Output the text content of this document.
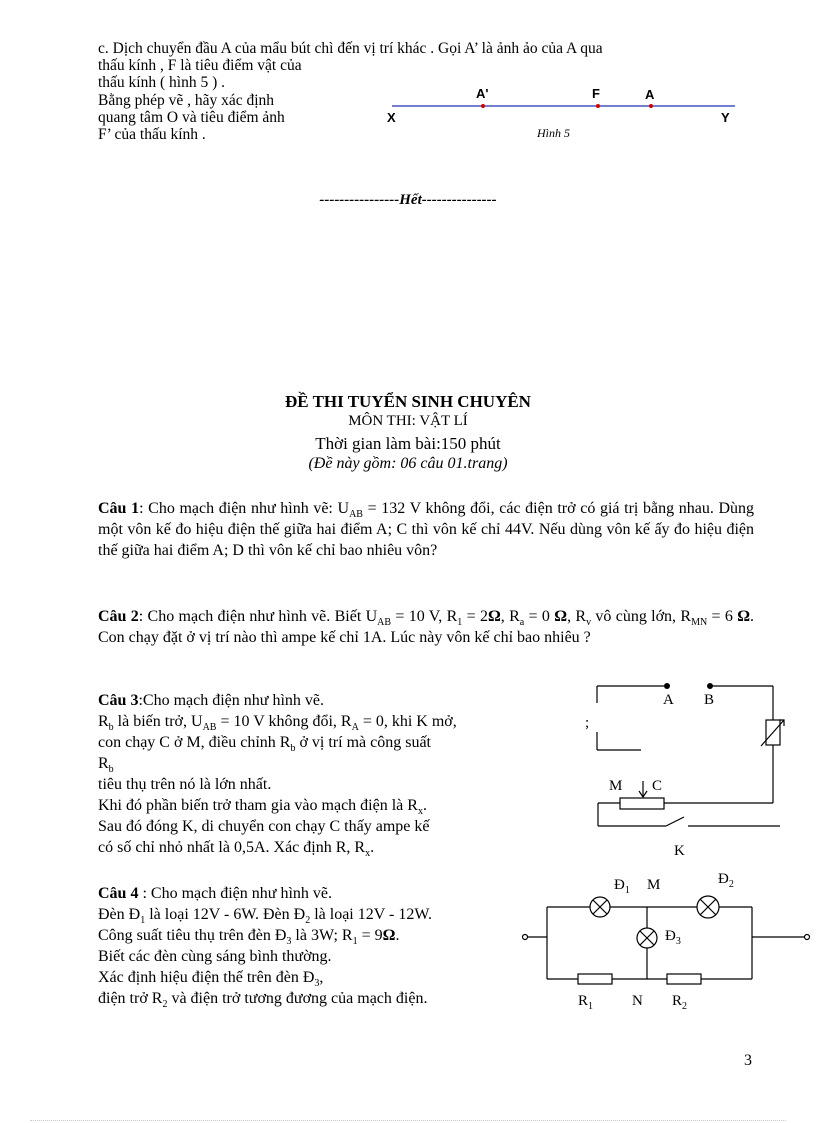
c. Dịch chuyển đầu A của mẩu bút chì đến vị trí khác . Gọi A’ là ảnh ảo của A qua
thấu kính , F là tiêu điểm vật của
thấu kính ( hình 5 ) .
Bằng phép vẽ , hãy xác định
quang tâm O và tiêu điểm ảnh
F’ của thấu kính .
X	Y
A'	F	A
Hình 5
----------------Hết---------------
ĐỀ THI TUYỂN SINH CHUYÊN
MÔN THI: VẬT LÍ
Thời gian làm bài:150 phút
(Đề này gồm: 06 câu 01.trang)
Câu 1: Cho mạch điện như hình vẽ: $U_{AB} = 132$ V không đổi, các điện trở có giá trị bằng nhau. Dùng một vôn kế đo hiệu điện thế giữa hai điểm A; C thì vôn kế chỉ 44V. Nếu dùng vôn kế ấy đo hiệu điện thế giữa hai điểm A; D thì vôn kế chỉ bao nhiêu vôn?
Câu 2: Cho mạch điện như hình vẽ. Biết $U_{AB} = 10$ V, $R_1 = 2\Omega$, $R_a = 0$ Ω, $R_v$ vô cùng lớn, $R_{MN} = 6$ Ω. Con chạy đặt ở vị trí nào thì ampe kế chỉ 1A. Lúc này vôn kế chỉ bao nhiêu ?
Câu 3:Cho mạch điện như hình vẽ.
$R_b$ là biến trở, $U_{AB} = 10$ V không đổi, $R_A = 0$, khi K mở,
con chạy C ở M, điều chỉnh $R_b$ ở vị trí mà công suất
$R_b$
tiêu thụ trên nó là lớn nhất.
Khi đó phần biến trở tham gia vào mạch điện là $R_x$.
Sau đó đóng K, di chuyển con chạy C thấy ampe kế
có số chỉ nhỏ nhất là 0,5A. Xác định R, $R_x$.
A B
M C
K
;
Câu 4 : Cho mạch điện như hình vẽ.
Đèn $Đ_1$ là loại 12V - 6W. Đèn $Đ_2$ là loại 12V - 12W.
Công suất tiêu thụ trên đèn $Đ_3$ là 3W; $R_1 = 9\Omega$.
Biết các đèn cùng sáng bình thường.
Xác định hiệu điện thế trên đèn $Đ_3$,
điện trở $R_2$ và điện trở tương đương của mạch điện.
$Đ_1$ M	$Đ_2$
$Đ_3$
$R_1$	N $R_2$
3
